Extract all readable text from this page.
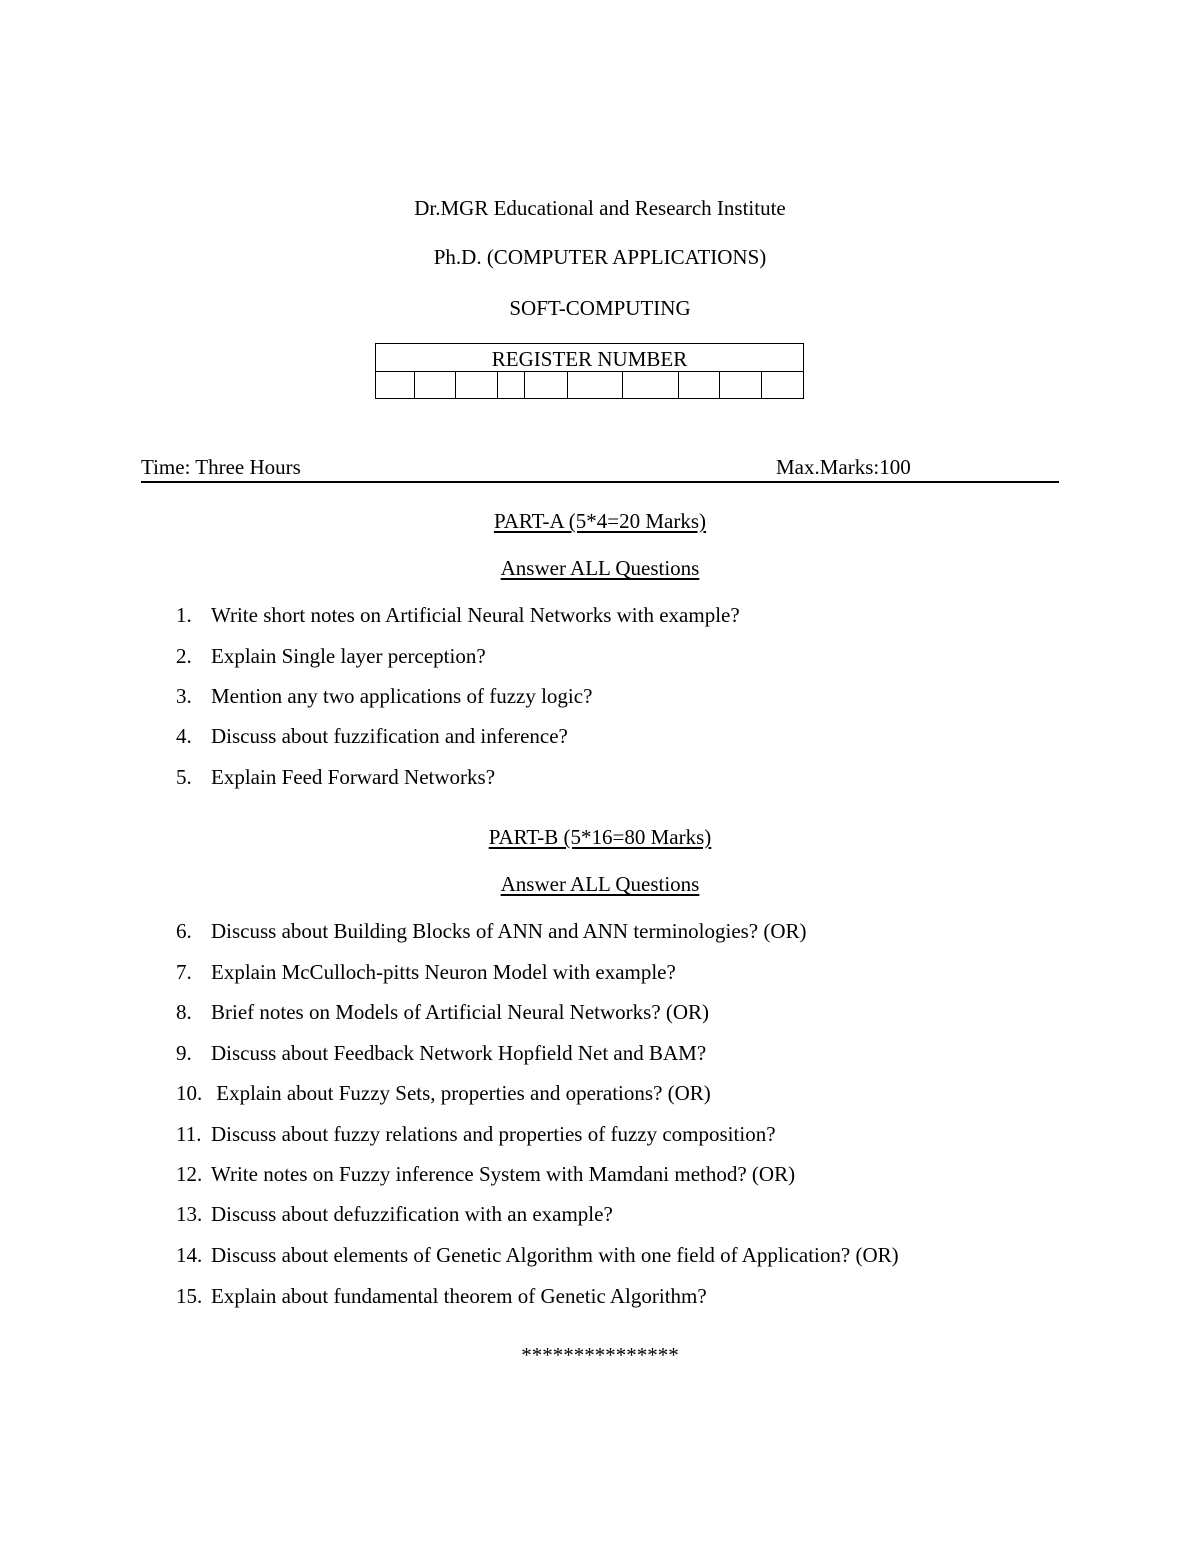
Dr.MGR Educational and Research Institute
Ph.D. (COMPUTER APPLICATIONS)
SOFT-COMPUTING
REGISTER NUMBER
Time: Three Hours	Max.Marks:100
PART-A (5*4=20 Marks)
Answer ALL Questions
1. Write short notes on Artificial Neural Networks with example?
2. Explain Single layer perception?
3. Mention any two applications of fuzzy logic?
4. Discuss about fuzzification and inference?
5. Explain Feed Forward Networks?
PART-B (5*16=80 Marks)
Answer ALL Questions
6. Discuss about Building Blocks of ANN and ANN terminologies? (OR)
7. Explain McCulloch-pitts Neuron Model with example?
8. Brief notes on Models of Artificial Neural Networks? (OR)
9. Discuss about Feedback Network Hopfield Net and BAM?
10. Explain about Fuzzy Sets, properties and operations? (OR)
11. Discuss about fuzzy relations and properties of fuzzy composition?
12. Write notes on Fuzzy inference System with Mamdani method? (OR)
13. Discuss about defuzzification with an example?
14. Discuss about elements of Genetic Algorithm with one field of Application? (OR)
15. Explain about fundamental theorem of Genetic Algorithm?
***************
